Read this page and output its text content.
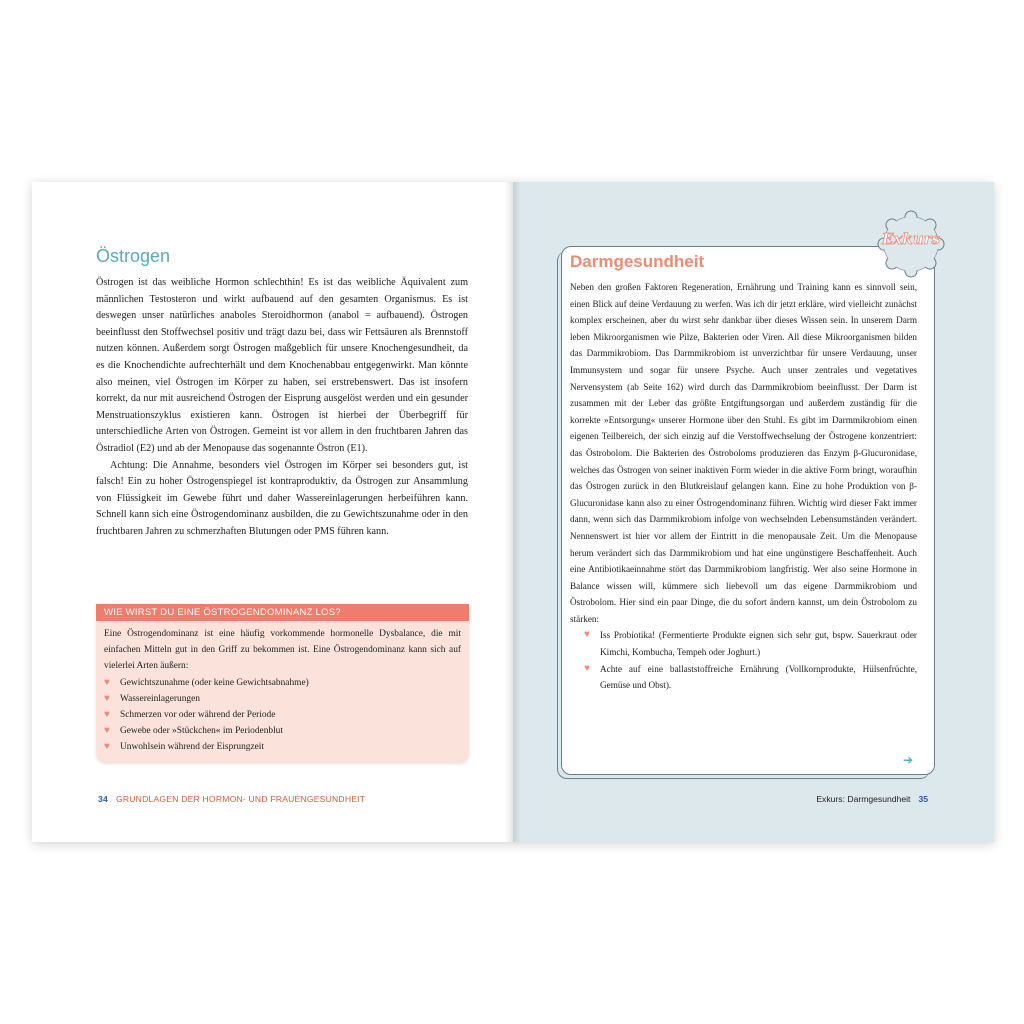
Östrogen

Östrogen ist das weibliche Hormon schlechthin! Es ist das weibliche Äquivalent zum männlichen Testosteron und wirkt aufbauend auf den gesamten Organismus. Es ist deswegen unser natürliches anaboles Steroidhormon (anabol = aufbauend). Östrogen beeinflusst den Stoffwechsel positiv und trägt dazu bei, dass wir Fettsäuren als Brennstoff nutzen können. Außerdem sorgt Östrogen maßgeblich für unsere Knochengesundheit, da es die Knochendichte aufrechterhält und dem Knochenabbau entgegenwirkt. Man könnte also meinen, viel Östrogen im Körper zu haben, sei erstrebenswert. Das ist insofern korrekt, da nur mit ausreichend Östrogen der Eisprung ausgelöst werden und ein gesunder Menstruationszyklus existieren kann. Östrogen ist hierbei der Überbegriff für unterschiedliche Arten von Östrogen. Gemeint ist vor allem in den fruchtbaren Jahren das Östradiol (E2) und ab der Menopause das sogenannte Östron (E1).

Achtung: Die Annahme, besonders viel Östrogen im Körper sei besonders gut, ist falsch! Ein zu hoher Östrogenspiegel ist kontraproduktiv, da Östrogen zur Ansammlung von Flüssigkeit im Gewebe führt und daher Wassereinlagerungen herbeiführen kann. Schnell kann sich eine Östrogendominanz ausbilden, die zu Gewichtszunahme oder in den fruchtbaren Jahren zu schmerzhaften Blutungen oder PMS führen kann.

WIE WIRST DU EINE ÖSTROGENDOMINANZ LOS?

Eine Östrogendominanz ist eine häufig vorkommende hormonelle Dysbalance, die mit einfachen Mitteln gut in den Griff zu bekommen ist. Eine Östrogendominanz kann sich auf vielerlei Arten äußern:

♥ Gewichtszunahme (oder keine Gewichtsabnahme)
♥ Wassereinlagerungen
♥ Schmerzen vor oder während der Periode
♥ Gewebe oder »Stückchen« im Periodenblut
♥ Unwohlsein während der Eisprungzeit
34 GRUNDLAGEN DER HORMON- UND FRAUENGESUNDHEIT
Exkurs
Darmgesundheit

Neben den großen Faktoren Regeneration, Ernährung und Training kann es sinnvoll sein, einen Blick auf deine Verdauung zu werfen. Was ich dir jetzt erkläre, wird vielleicht zunächst komplex erscheinen, aber du wirst sehr dankbar über dieses Wissen sein. In unserem Darm leben Mikroorganismen wie Pilze, Bakterien oder Viren. All diese Mikroorganismen bilden das Darmmikrobiom. Das Darmmikrobiom ist unverzichtbar für unsere Verdauung, unser Immunsystem und sogar für unsere Psyche. Auch unser zentrales und vegetatives Nervensystem (ab Seite 162) wird durch das Darmmikrobiom beeinflusst. Der Darm ist zusammen mit der Leber das größte Entgiftungsorgan und außerdem zuständig für die korrekte »Entsorgung« unserer Hormone über den Stuhl. Es gibt im Darmmikrobiom einen eigenen Teilbereich, der sich einzig auf die Verstoffwechselung der Östrogene konzentriert: das Östrobolom. Die Bakterien des Östroboloms produzieren das Enzym β-Glucuronidase, welches das Östrogen von seiner inaktiven Form wieder in die aktive Form bringt, woraufhin das Östrogen zurück in den Blutkreislauf gelangen kann. Eine zu hohe Produktion von β-Glucuronidase kann also zu einer Östrogendominanz führen. Wichtig wird dieser Fakt immer dann, wenn sich das Darmmikrobiom infolge von wechselnden Lebensumständen verändert. Nennenswert ist hier vor allem der Eintritt in die menopausale Zeit. Um die Menopause herum verändert sich das Darmmikrobiom und hat eine ungünstigere Beschaffenheit. Auch eine Antibiotikaeinnahme stört das Darmmikrobiom langfristig. Wer also seine Hormone in Balance wissen will, kümmere sich liebevoll um das eigene Darmmikrobiom und Östrobolom. Hier sind ein paar Dinge, die du sofort ändern kannst, um dein Östrobolom zu stärken:

♥ Iss Probiotika! (Fermentierte Produkte eignen sich sehr gut, bspw. Sauerkraut oder Kimchi, Kombucha, Tempeh oder Joghurt.)
♥ Achte auf eine ballaststoffreiche Ernährung (Vollkornprodukte, Hülsenfrüchte, Gemüse und Obst).
➔
Exkurs: Darmgesundheit 35
